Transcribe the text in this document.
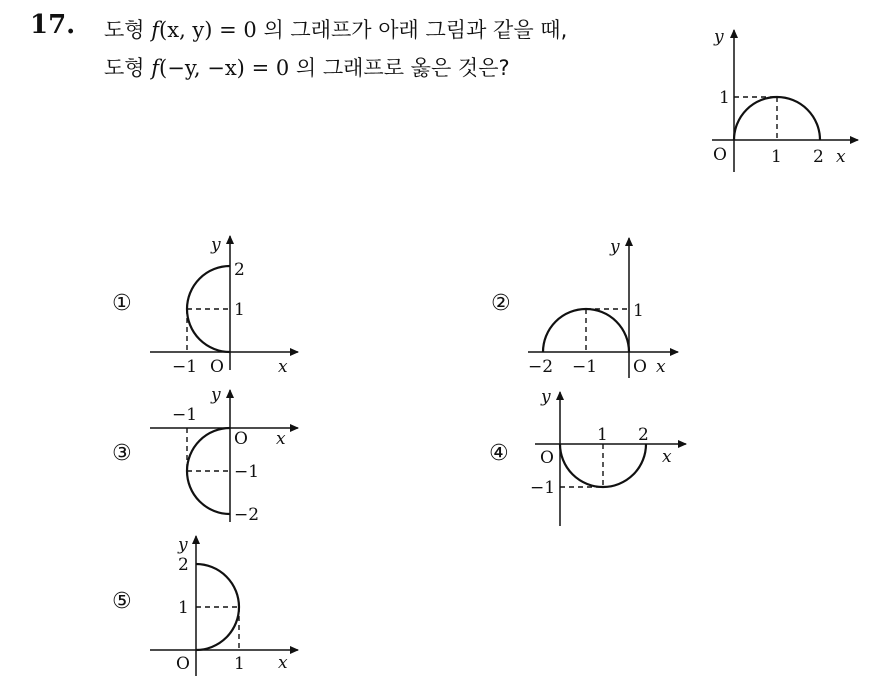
17. 도형 f(x, y) = 0 의 그래프가 아래 그림과 같을 때,
도형 f(−y, −x) = 0 의 그래프로 옳은 것은?
y
x
O	1 2
1
①
y
x
O
2
1
−1
②
y
x
O
1
−2 −1
③
y
x
O
−1
−1
−2
④
y
x
O
1 2
−1
⑤
y
x
O
2
1
1
